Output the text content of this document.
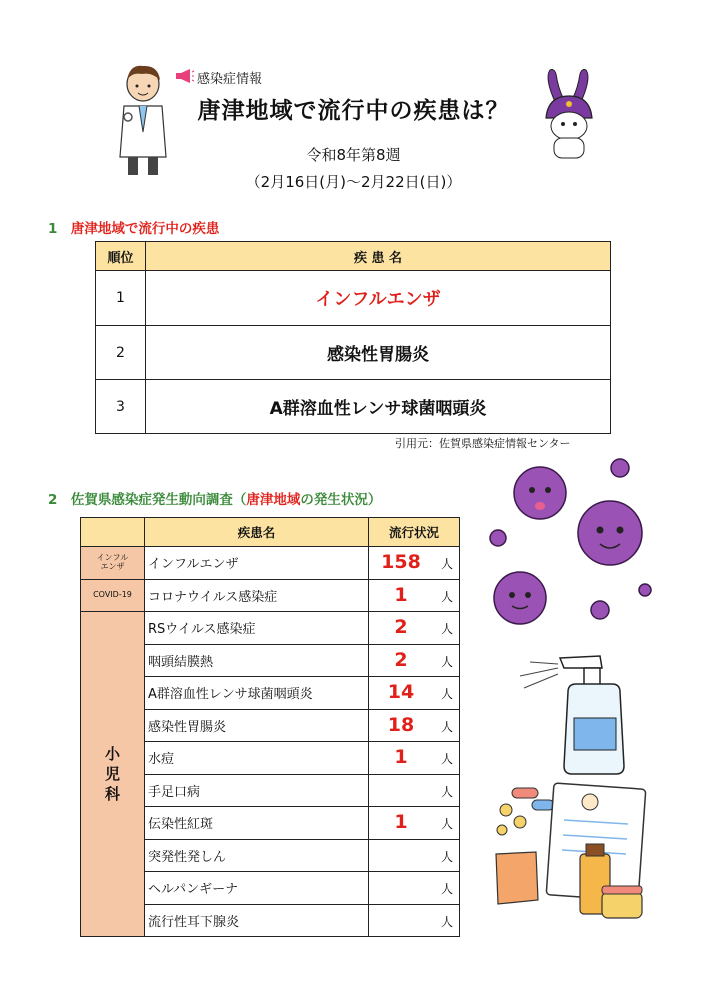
感染症情報
唐津地域で流行中の疾患は？
令和8年第8週
（2月16日(月)～2月22日(日)）
1　唐津地域で流行中の疾患
順位	疾 患 名
1	インフルエンザ
2	感染性胃腸炎
3	A群溶血性レンサ球菌咽頭炎
引用元：佐賀県感染症情報センター
2　佐賀県感染症発生動向調査（唐津地域の発生状況）
	疾患名	流行状況
インフル
エンザ	インフルエンザ	158 人

COVID-19	コロナウイルス感染症	1 人

小
児
科	RSウイルス感染症	2 人

	咽頭結膜熱	2 人

	A群溶血性レンサ球菌咽頭炎	14 人

	感染性胃腸炎	18 人

	水痘	1 人

	手足口病	人

	伝染性紅斑	1 人

	突発性発しん	人

	ヘルパンギーナ	人

	流行性耳下腺炎	人
